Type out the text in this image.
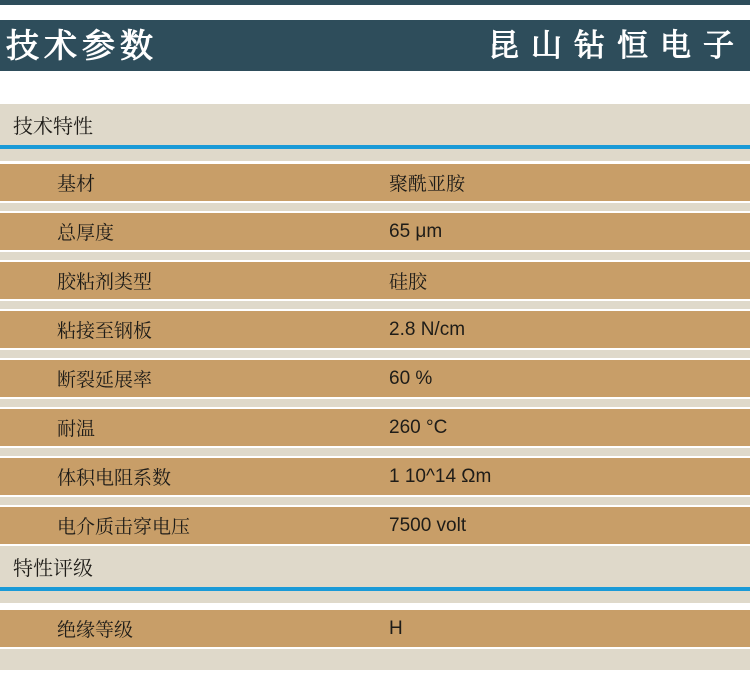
技术参数	昆山钻恒电子
技术特性
基材	聚酰亚胺
总厚度	65 μm
胶粘剂类型	硅胶
粘接至钢板	2.8 N/cm
断裂延展率	60 %
耐温	260 °C
体积电阻系数	1 10^14 Ωm
电介质击穿电压	7500 volt
特性评级
绝缘等级	H
